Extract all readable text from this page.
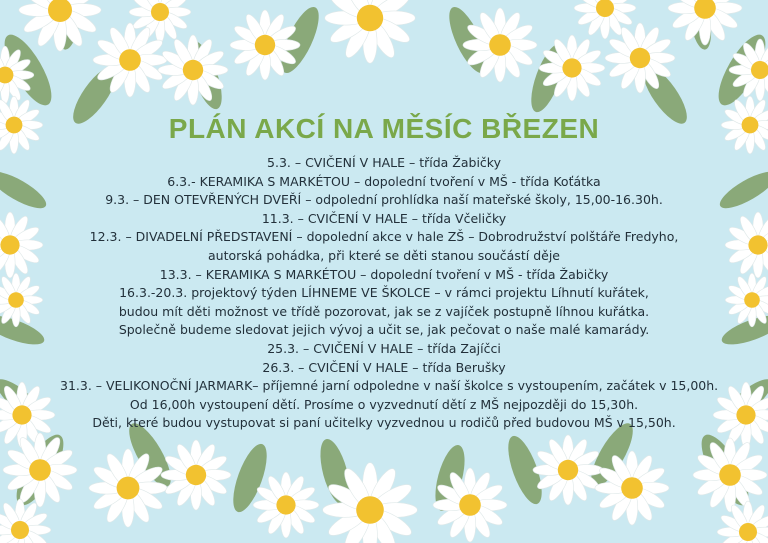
PLÁN AKCÍ NA MĚSÍC BŘEZEN
5.3. – CVIČENÍ V HALE – třída Žabičky
6.3.- KERAMIKA S MARKÉTOU – dopolední tvoření v MŠ - třída Koťátka
9.3. – DEN OTEVŘENÝCH DVEŘÍ – odpolední prohlídka naší mateřské školy, 15,00-16.30h.
11.3. – CVIČENÍ V HALE – třída Včeličky
12.3. – DIVADELNÍ PŘEDSTAVENÍ – dopolední akce v hale ZŠ – Dobrodružství polštáře Fredyho,
autorská pohádka, při které se děti stanou součástí děje
13.3. – KERAMIKA S MARKÉTOU – dopolední tvoření v MŠ - třída Žabičky
16.3.-20.3. projektový týden LÍHNEME VE ŠKOLCE – v rámci projektu Líhnutí kuřátek,
budou mít děti možnost ve třídě pozorovat, jak se z vajíček postupně líhnou kuřátka.
Společně budeme sledovat jejich vývoj a učit se, jak pečovat o naše malé kamarády.
25.3. – CVIČENÍ V HALE – třída Zajíčci
26.3. – CVIČENÍ V HALE – třída Berušky
31.3. – VELIKONOČNÍ JARMARK– příjemné jarní odpoledne v naší školce s vystoupením, začátek v 15,00h.
Od 16,00h vystoupení dětí. Prosíme o vyzvednutí dětí z MŠ nejpozději do 15,30h.
Děti, které budou vystupovat si paní učitelky vyzvednou u rodičů před budovou MŠ v 15,50h.
